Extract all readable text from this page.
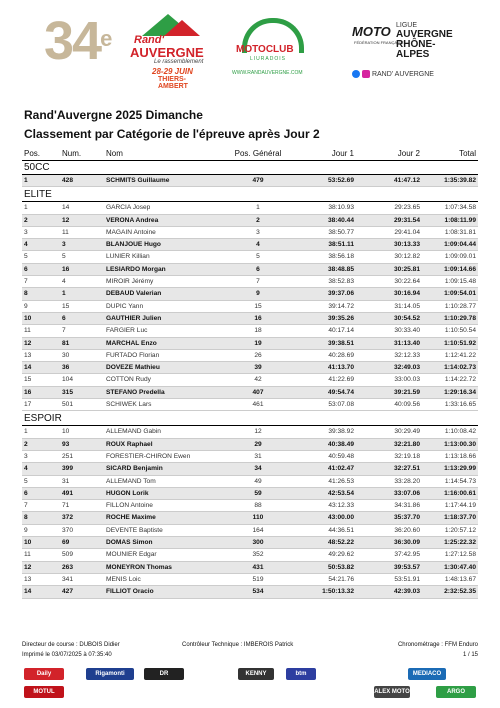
34e Rand'
AUVERGNE
Le rassemblement
28-29 JUIN
THIERS-AMBERT
MOTOCLUB
LIURADOIS
WWW.RANDAUVERGNE.COM
MOTO
FÉDÉRATION FRANÇAISE
LIGUE
AUVERGNE RHÔNE-ALPES
RAND' AUVERGNE
Rand'Auvergne 2025 Dimanche
Classement par Catégorie de l'épreuve après Jour 2
Pos.	Num.	Nom	Pos. Général	Jour 1	Jour 2	Total
50CC
1	428	SCHMITS Guillaume	479	53:52.69	41:47.12	1:35:39.82
ELITE
1	14	GARCIA Josep	1	38:10.93	29:23.65	1:07:34.58
2	12	VERONA Andrea	2	38:40.44	29:31.54	1:08:11.99
3	11	MAGAIN Antoine	3	38:50.77	29:41.04	1:08:31.81
4	3	BLANJOUE Hugo	4	38:51.11	30:13.33	1:09:04.44
5	5	LUNIER Killian	5	38:56.18	30:12.82	1:09:09.01
6	16	LESIARDO Morgan	6	38:48.85	30:25.81	1:09:14.66
7	4	MIROIR Jérémy	7	38:52.83	30:22.64	1:09:15.48
8	1	DEBAUD Valerian	9	39:37.06	30:16.94	1:09:54.01
9	15	DUPIC Yann	15	39:14.72	31:14.05	1:10:28.77
10	6	GAUTHIER Julien	16	39:35.26	30:54.52	1:10:29.78
11	7	FARGIER Luc	18	40:17.14	30:33.40	1:10:50.54
12	81	MARCHAL Enzo	19	39:38.51	31:13.40	1:10:51.92
13	30	FURTADO Florian	26	40:28.69	32:12.33	1:12:41.22
14	36	DOVEZE Mathieu	39	41:13.70	32:49.03	1:14:02.73
15	104	COTTON Rudy	42	41:22.69	33:00.03	1:14:22.72
16	315	STEFANO Predella	407	49:54.74	39:21.59	1:29:16.34
17	501	SCHIWEK Lars	461	53:07.08	40:09.56	1:33:16.65
ESPOIR
1	10	ALLEMAND Gabin	12	39:38.92	30:29.49	1:10:08.42
2	93	ROUX Raphael	29	40:38.49	32:21.80	1:13:00.30
3	251	FORESTIER-CHIRON Ewen	31	40:59.48	32:19.18	1:13:18.66
4	399	SICARD Benjamin	34	41:02.47	32:27.51	1:13:29.99
5	31	ALLEMAND Tom	49	41:26.53	33:28.20	1:14:54.73
6	491	HUGON Lorik	59	42:53.54	33:07.06	1:16:00.61
7	71	FILLON Antoine	88	43:12.33	34:31.86	1:17:44.19
8	372	ROCHE Maxime	110	43:00.00	35:37.70	1:18:37.70
9	370	DEVENTE Baptiste	164	44:36.51	36:20.60	1:20:57.12
10	69	DOMAS Simon	300	48:52.22	36:30.09	1:25:22.32
11	509	MOUNIER Edgar	352	49:29.62	37:42.95	1:27:12.58
12	263	MONEYRON Thomas	431	50:53.82	39:53.57	1:30:47.40
13	341	MENIS Loic	519	54:21.76	53:51.91	1:48:13.67
14	427	FILLIOT Oracio	534	1:50:13.32	42:39.03	2:32:52.35
Directeur de course : DUBOIS Didier	Contrôleur Technique : IMBEROIS Patrick	Chronométrage : FFM Enduro
Imprimé le 03/07/2025 à 07:35:40	1 / 15
Daily	Rigamonti	DR	KENNY	btm	MEDIACO
MOTUL	ALEX MOTO	ARGO
